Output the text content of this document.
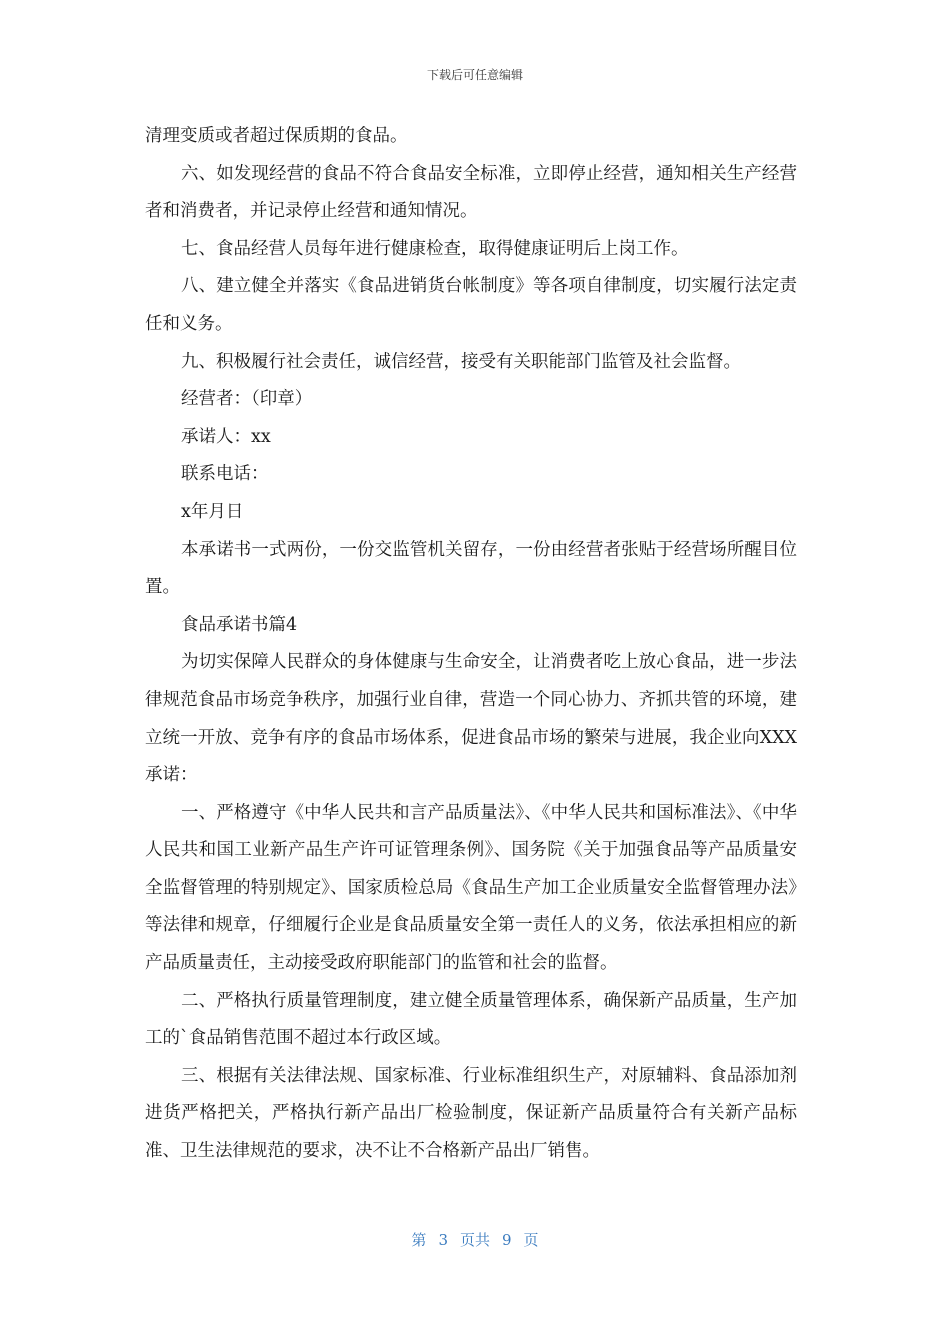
下载后可任意编辑

清理变质或者超过保质期的食品。

六、如发现经营的食品不符合食品安全标准，立即停止经营，通知相关生产经营者和消费者，并记录停止经营和通知情况。

七、食品经营人员每年进行健康检查，取得健康证明后上岗工作。

八、建立健全并落实《食品进销货台帐制度》等各项自律制度，切实履行法定责任和义务。

九、积极履行社会责任，诚信经营，接受有关职能部门监管及社会监督。

经营者：（印章）

承诺人：xx

联系电话：

x年月日

本承诺书一式两份，一份交监管机关留存，一份由经营者张贴于经营场所醒目位置。

食品承诺书篇4

为切实保障人民群众的身体健康与生命安全，让消费者吃上放心食品，进一步法律规范食品市场竞争秩序，加强行业自律，营造一个同心协力、齐抓共管的环境，建立统一开放、竞争有序的食品市场体系，促进食品市场的繁荣与进展，我企业向XXX承诺：

一、严格遵守《中华人民共和言产品质量法》、《中华人民共和国标准法》、《中华人民共和国工业新产品生产许可证管理条例》、国务院《关于加强食品等产品质量安全监督管理的特别规定》、国家质检总局《食品生产加工企业质量安全监督管理办法》等法律和规章，仔细履行企业是食品质量安全第一责任人的义务，依法承担相应的新产品质量责任，主动接受政府职能部门的监管和社会的监督。

二、严格执行质量管理制度，建立健全质量管理体系，确保新产品质量，生产加工的`食品销售范围不超过本行政区域。

三、根据有关法律法规、国家标准、行业标准组织生产，对原辅料、食品添加剂进货严格把关，严格执行新产品出厂检验制度，保证新产品质量符合有关新产品标准、卫生法律规范的要求，决不让不合格新产品出厂销售。

第 3 页共 9 页
